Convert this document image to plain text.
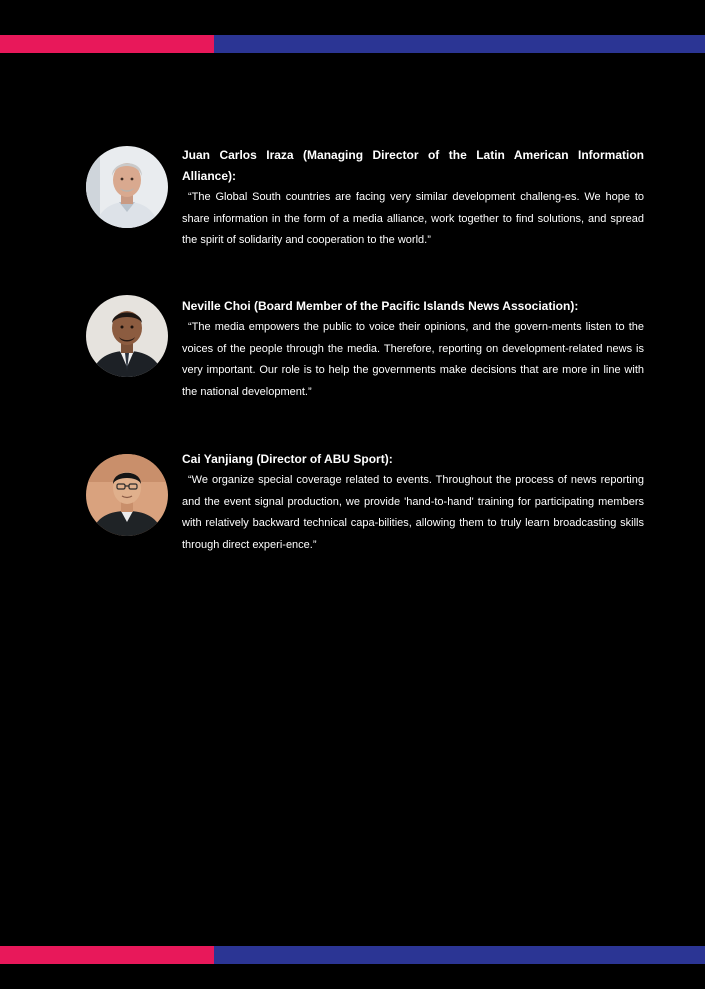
Juan Carlos Iraza (Managing Director of the Latin American Information Alliance):

“The Global South countries are facing very similar development challeng-es. We hope to share information in the form of a media alliance, work together to find solutions, and spread the spirit of solidarity and cooperation to the world.”

Neville Choi (Board Member of the Pacific Islands News Association):

“The media empowers the public to voice their opinions, and the govern-ments listen to the voices of the people through the media. Therefore, reporting on development-related news is very important. Our role is to help the governments make decisions that are more in line with the national development.”

Cai Yanjiang (Director of ABU Sport):

“We organize special coverage related to events. Throughout the process of news reporting and the event signal production, we provide 'hand-to-hand' training for participating members with relatively backward technical capa-bilities, allowing them to truly learn broadcasting skills through direct experi-ence.”
